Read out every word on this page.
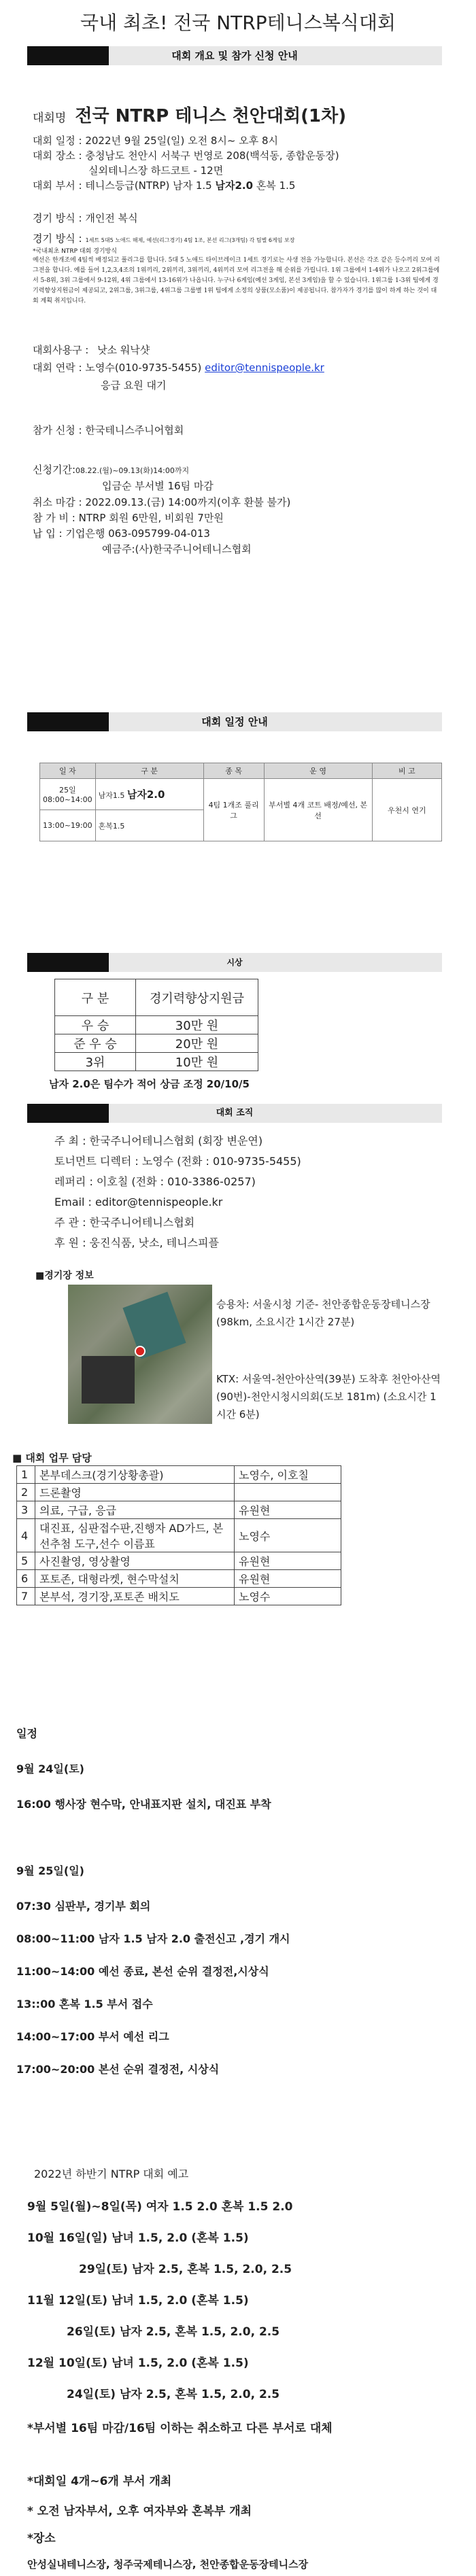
국내 최초! 전국 NTRP테니스복식대회
대회 개요 및 참가 신청 안내
대회명 전국 NTRP 테니스 천안대회(1차)
대회 일정 : 2022년 9월 25일(일) 오전 8시~ 오후 8시
대회 장소 : 충청남도 천안시 서북구 번영로 208(백석동, 종합운동장)
실외테니스장 하드코트 - 12면
대회 부서 : 테니스등급(NTRP) 남자 1.5 남자2.0 혼복 1.5
경기 방식 : 개인전 복식
경기 방식 : 1세트 5대5 노애드 해제, 예선(리그경기) 4팀 1조, 본선 리그(3개팀) 각 팀별 6게임 보장
*국내최초 NTRP 대회 경기방식
예선은 한개조에 4팀씩 배정되고 풀리그를 합니다. 5대 5 노애드 타이브레이크 1세트 경기로는 사생 전을 가능합니다. 본선은 각조 같은 등수끼리 모여 리그전을 합니다. 예를 들어 1,2,3,4조의 1위끼리, 2위끼리, 3위끼리, 4위끼리 모여 리그전을 해 순위를 가립니다. 1위 그룹에서 1-4위가 나오고 2위그룹에서 5-8위, 3위 그룹에서 9-12위, 4위 그룹에서 13-16위가 나옵니다. 누구나 6게임(예선 3게임, 본선 3게임)을 할 수 있습니다. 1위그룹 1-3위 팀에게 경기력향상지원금이 제공되고, 2위그룹, 3위그룹, 4위그룹 그룹별 1위 팀에게 소정의 상품(모소품)이 제공됩니다. 참가자가 경기를 많이 하게 하는 것이 대회 계획 취지입니다.
대회사용구 : 낫소 워낙샷
대회 연락 : 노영수(010-9735-5455) editor@tennispeople.kr
응급 요원 대기
참가 신청 : 한국테니스주니어협회
신청기간:08.22.(월)~09.13(화)14:00까지
입금순 부서별 16팀 마감
취소 마감 : 2022.09.13.(금) 14:00까지(이후 환불 불가)
참 가 비 : NTRP 회원 6만원, 비회원 7만원
납 입 : 기업은행 063-095799-04-013
예금주:(사)한국주니어테니스협회
대회 일정 안내
일 자	구 분	종 목	운 영	비 고

25일
08:00~14:00	남자1.5 남자2.0	4팀 1개조 풀리그	부서별 4개 코트 배정/예선, 본선	우천시 연기
13:00~19:00	혼복1.5			
시상
구 분	경기력향상지원금
우 승	30만 원
준 우 승	20만 원
3위	10만 원
남자 2.0은 팀수가 적어 상금 조정 20/10/5
대회 조직
주 최 : 한국주니어테니스협회 (회장 변운연)
토너먼트 디렉터 : 노영수 (전화 : 010-9735-5455)
레퍼리 : 이호칠 (전화 : 010-3386-0257)
Email : editor@tennispeople.kr
주 관 : 한국주니어테니스협회
후 원 : 웅진식품, 낫소, 테니스피플
■경기장 정보
승용차: 서울시청 기준- 천안종합운동장테니스장(98km, 소요시간 1시간 27분)
KTX: 서울역-천안아산역(39분) 도착후 천안아산역(90번)-천안시청시의회(도보 181m) (소요시간 1시간 6분)
■ 대회 업무 담당
1	본부데스크(경기상황총괄)	노영수, 이호칠
2	드론촬영	
3	의료, 구급, 응급	유원현
4	대진표, 심판접수판,진행자 AD가드, 본선추첨 도구,선수 이름표	노영수
5	사진촬영, 영상촬영	유원현
6	포토존, 대형라켓, 현수막설치	유원현
7	본부석, 경기장,포토존 배치도	노영수
일정
9월 24일(토)
16:00 행사장 현수막, 안내표지판 설치, 대진표 부착
9월 25일(일)
07:30 심판부, 경기부 회의
08:00~11:00 남자 1.5 남자 2.0 출전신고 ,경기 개시
11:00~14:00 예선 종료, 본선 순위 결정전,시상식
13::00 혼복 1.5 부서 접수
14:00~17:00 부서 예선 리그
17:00~20:00 본선 순위 결정전, 시상식
2022년 하반기 NTRP 대회 예고
9월 5일(월)~8일(목) 여자 1.5 2.0 혼복 1.5 2.0
10월 16일(일) 남녀 1.5, 2.0 (혼복 1.5)
29일(토) 남자 2.5, 혼복 1.5, 2.0, 2.5
11월 12일(토) 남녀 1.5, 2.0 (혼복 1.5)
26일(토) 남자 2.5, 혼복 1.5, 2.0, 2.5
12월 10일(토) 남녀 1.5, 2.0 (혼복 1.5)
24일(토) 남자 2.5, 혼복 1.5, 2.0, 2.5
*부서별 16팀 마감/16팀 이하는 취소하고 다른 부서로 대체
*대회일 4개~6개 부서 개최
* 오전 남자부서, 오후 여자부와 혼복부 개최
*장소
안성실내테니스장, 청주국제테니스장, 천안종합운동장테니스장
